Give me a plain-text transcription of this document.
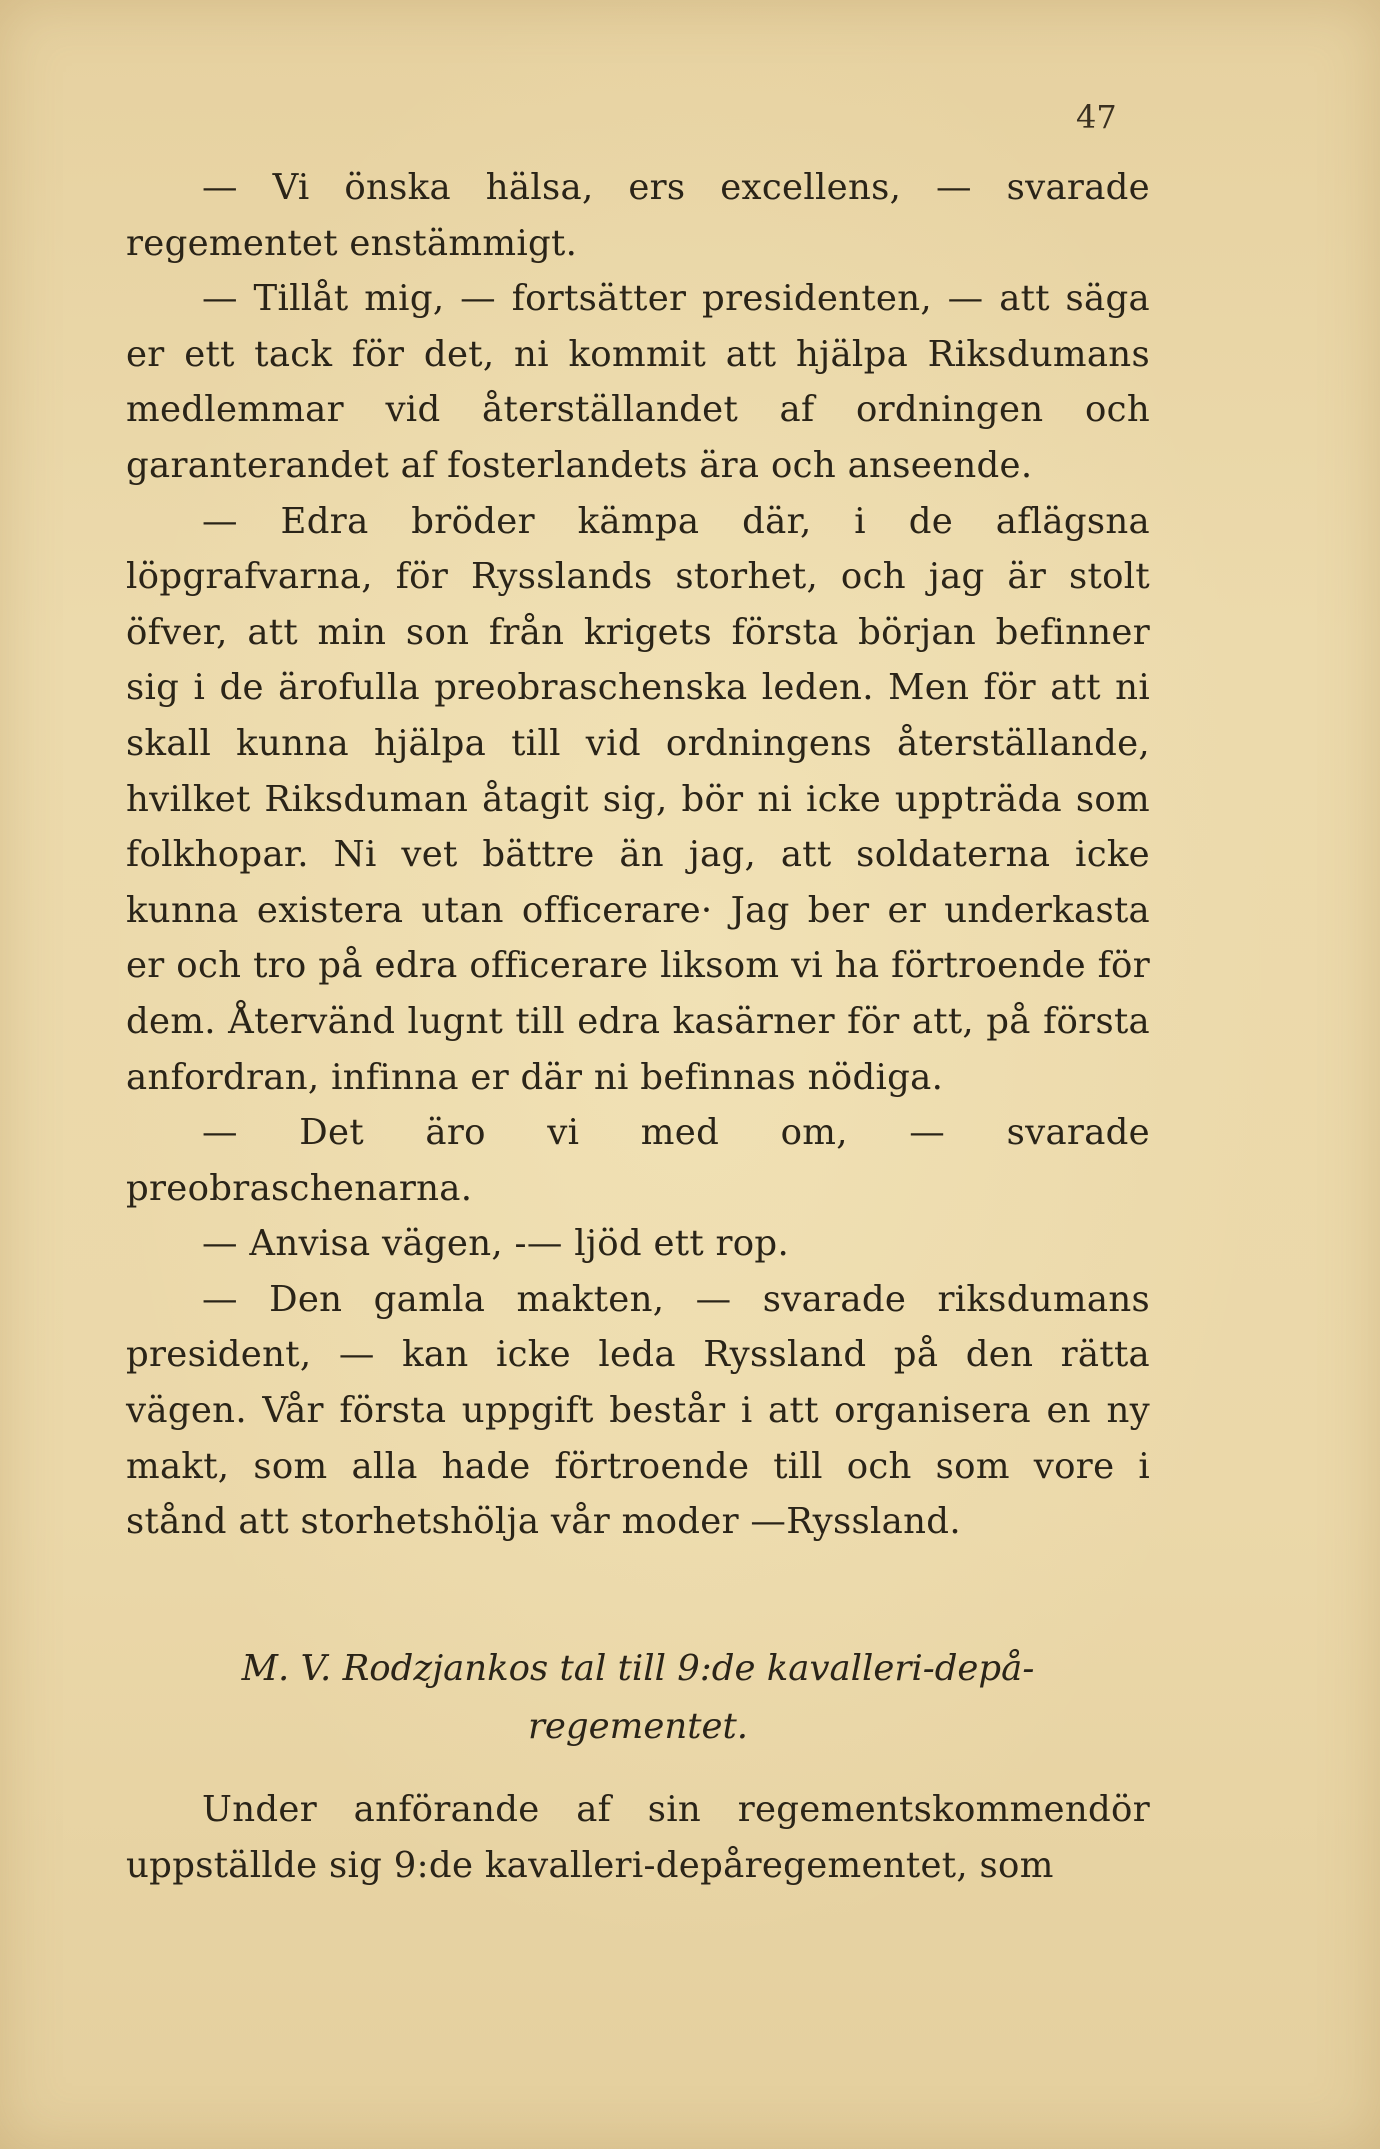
47

— Vi önska hälsa, ers excellens, — svarade regementet enstämmigt.

— Tillåt mig, — fortsätter presidenten, — att säga er ett tack för det, ni kommit att hjälpa Riksdumans medlemmar vid återställandet af ordningen och garanterandet af fosterlandets ära och anseende.

— Edra bröder kämpa där, i de aflägsna löpgrafvarna, för Rysslands storhet, och jag är stolt öfver, att min son från krigets första början befinner sig i de ärofulla preobraschenska leden. Men för att ni skall kunna hjälpa till vid ordningens återställande, hvilket Riksduman åtagit sig, bör ni icke uppträda som folkhopar. Ni vet bättre än jag, att soldaterna icke kunna existera utan officerare· Jag ber er underkasta er och tro på edra officerare liksom vi ha förtroende för dem. Återvänd lugnt till edra kasärner för att, på första anfordran, infinna er där ni befinnas nödiga.

— Det äro vi med om, — svarade preobraschenarna.

— Anvisa vägen, -— ljöd ett rop.

— Den gamla makten, — svarade riksdumans president, — kan icke leda Ryssland på den rätta vägen. Vår första uppgift består i att organisera en ny makt, som alla hade förtroende till och som vore i stånd att storhetshölja vår moder —Ryssland.

M. V. Rodzjankos tal till 9:de kavalleri-depå-
regementet.

Under anförande af sin regementskommendör uppställde sig 9:de kavalleri-depåregementet, som
